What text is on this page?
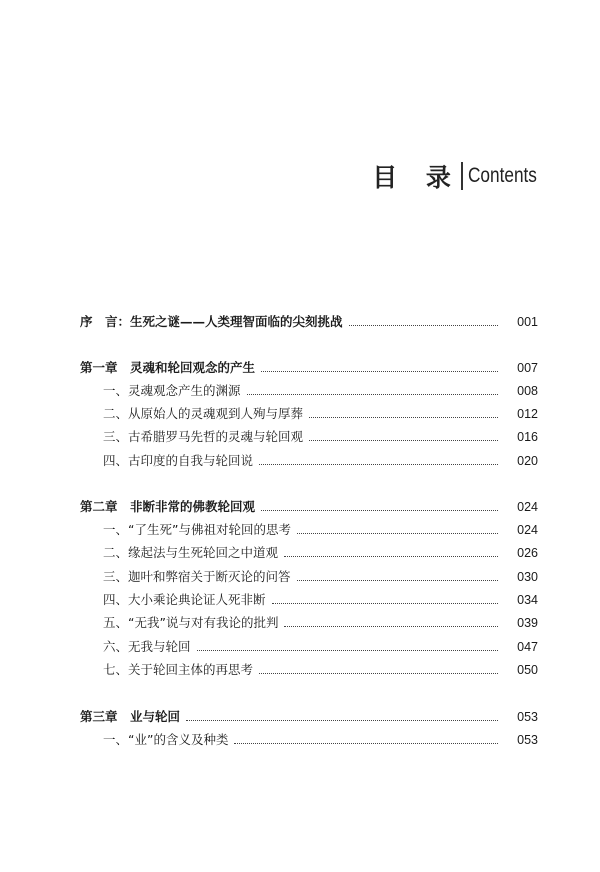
目 录 Contents
序　言：生死之谜——人类理智面临的尖刻挑战	001
第一章　灵魂和轮回观念的产生	007
一、灵魂观念产生的渊源	008
二、从原始人的灵魂观到人殉与厚葬	012
三、古希腊罗马先哲的灵魂与轮回观	016
四、古印度的自我与轮回说	020
第二章　非断非常的佛教轮回观	024
一、“了生死”与佛祖对轮回的思考	024
二、缘起法与生死轮回之中道观	026
三、迦叶和弊宿关于断灭论的问答	030
四、大小乘论典论证人死非断	034
五、“无我”说与对有我论的批判	039
六、无我与轮回	047
七、关于轮回主体的再思考	050
第三章　业与轮回	053
一、“业”的含义及种类	053
